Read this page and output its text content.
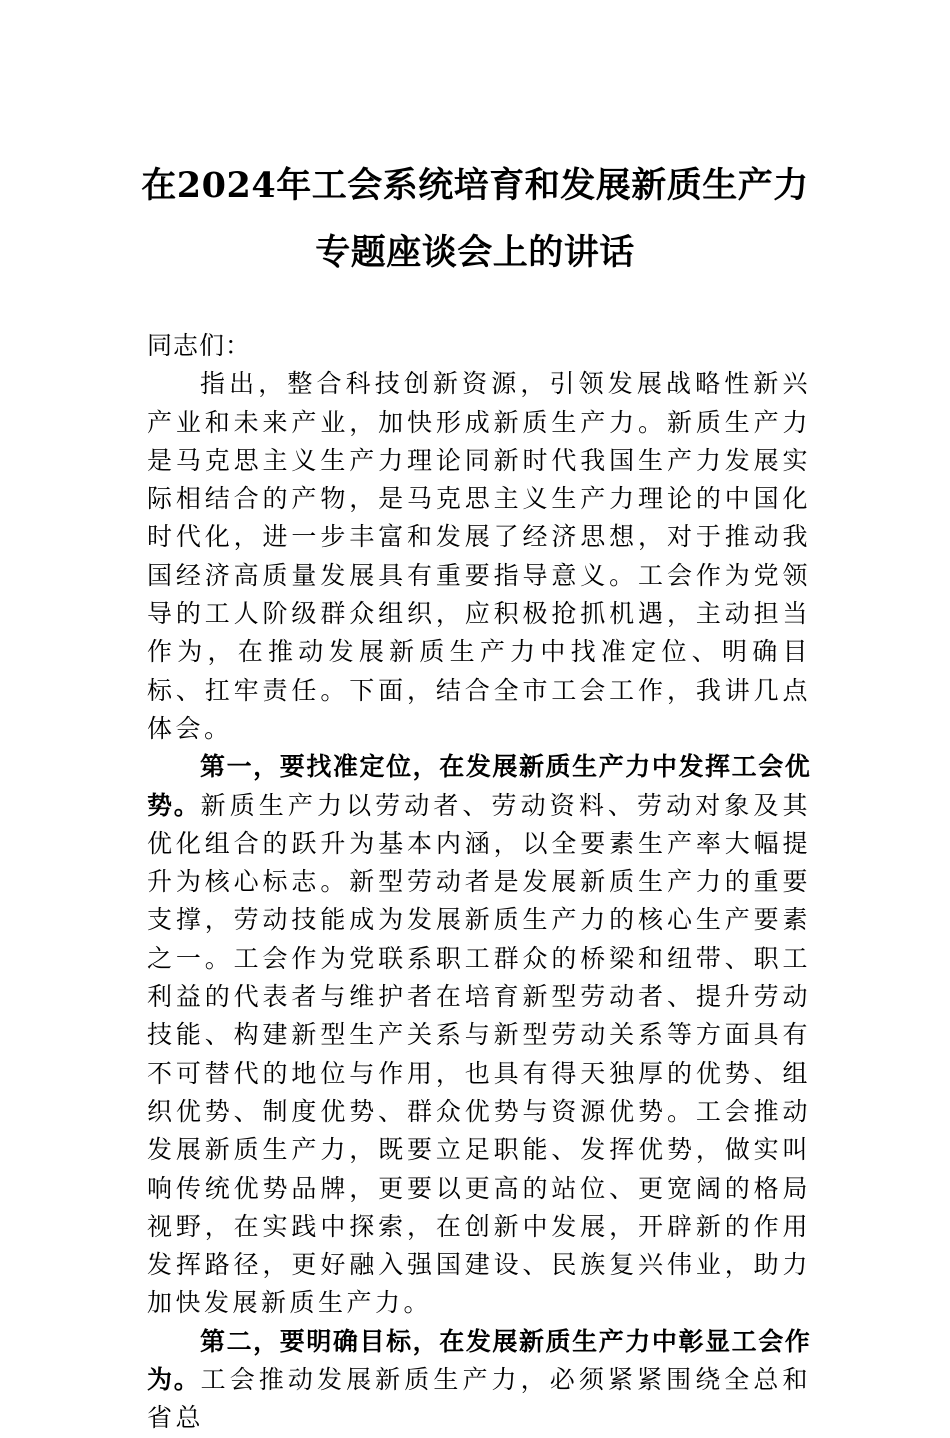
在2024年工会系统培育和发展新质生产力
专题座谈会上的讲话

同志们：

指出，整合科技创新资源，引领发展战略性新兴产业和未来产业，加快形成新质生产力。新质生产力是马克思主义生产力理论同新时代我国生产力发展实际相结合的产物，是马克思主义生产力理论的中国化时代化，进一步丰富和发展了经济思想，对于推动我国经济高质量发展具有重要指导意义。工会作为党领导的工人阶级群众组织，应积极抢抓机遇，主动担当作为，在推动发展新质生产力中找准定位、明确目标、扛牢责任。下面，结合全市工会工作，我讲几点体会。

第一，要找准定位，在发展新质生产力中发挥工会优势。新质生产力以劳动者、劳动资料、劳动对象及其优化组合的跃升为基本内涵，以全要素生产率大幅提升为核心标志。新型劳动者是发展新质生产力的重要支撑，劳动技能成为发展新质生产力的核心生产要素之一。工会作为党联系职工群众的桥梁和纽带、职工利益的代表者与维护者在培育新型劳动者、提升劳动技能、构建新型生产关系与新型劳动关系等方面具有不可替代的地位与作用，也具有得天独厚的优势、组织优势、制度优势、群众优势与资源优势。工会推动发展新质生产力，既要立足职能、发挥优势，做实叫响传统优势品牌，更要以更高的站位、更宽阔的格局视野，在实践中探索，在创新中发展，开辟新的作用发挥路径，更好融入强国建设、民族复兴伟业，助力加快发展新质生产力。

第二，要明确目标，在发展新质生产力中彰显工会作为。工会推动发展新质生产力，必须紧紧围绕全总和省总
